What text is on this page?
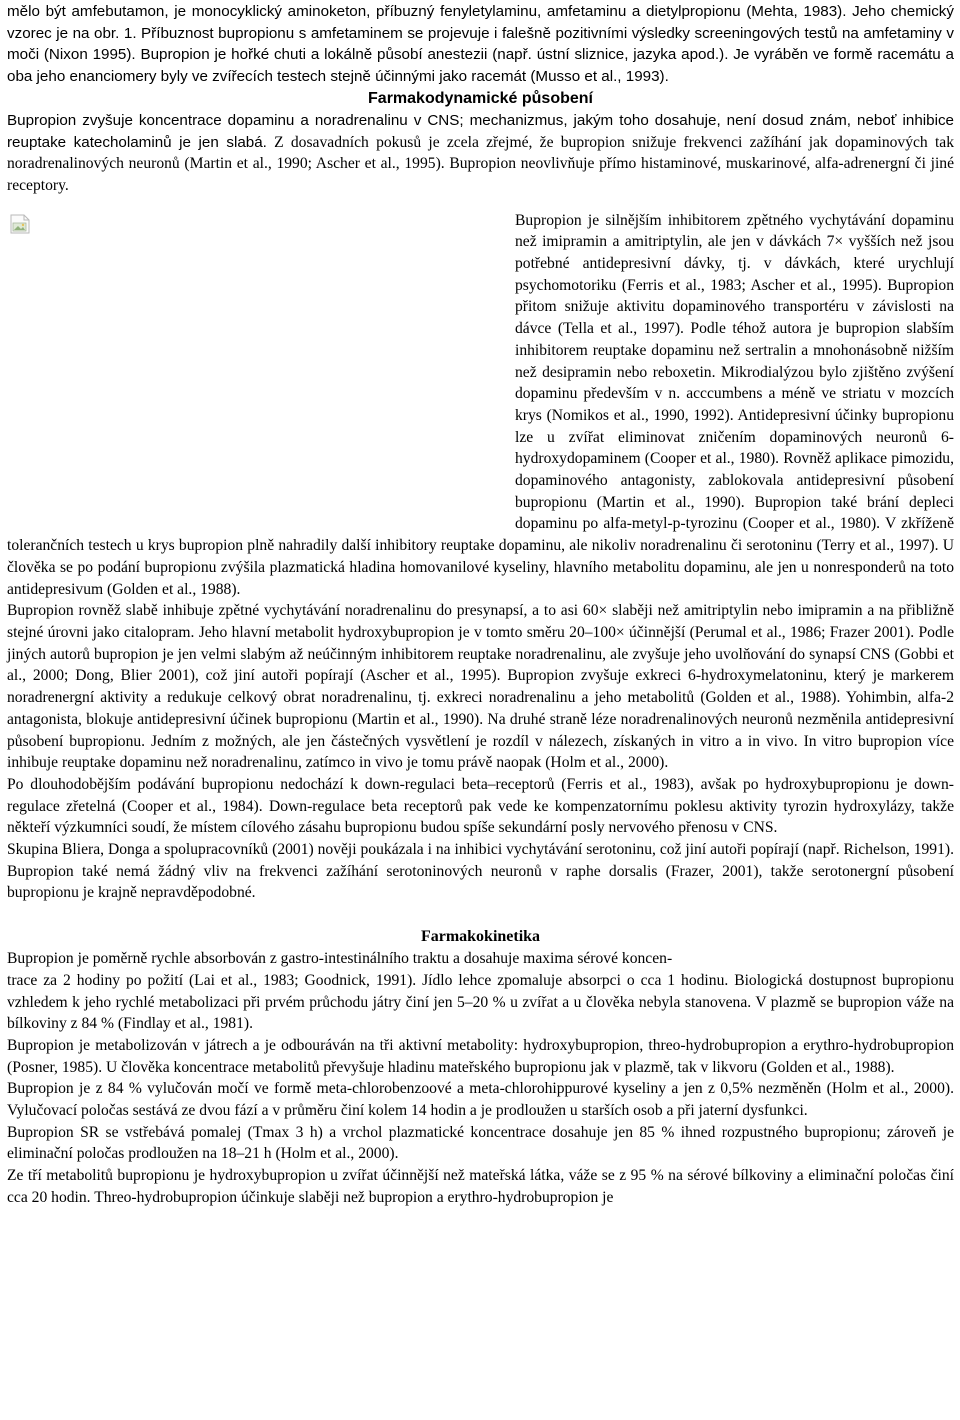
mělo být amfebutamon, je monocyklický aminoketon, příbuzný fenyletylaminu, amfetaminu a dietylpropionu (Mehta, 1983). Jeho chemický vzorec je na obr. 1. Příbuznost bupropionu s amfetaminem se projevuje i falešně pozitivními výsledky screeningových testů na amfetaminy v moči (Nixon 1995). Bupropion je hořké chuti a lokálně působí anestezii (např. ústní sliznice, jazyka apod.). Je vyráběn ve formě racemátu a oba jeho enanciomery byly ve zvířecích testech stejně účinnými jako racemát (Musso et al., 1993).

Farmakodynamické působení

Bupropion zvyšuje koncentrace dopaminu a noradrenalinu v CNS; mechanizmus, jakým toho dosahuje, není dosud znám, neboť inhibice reuptake katecholaminů je jen slabá. Z dosavadních pokusů je zcela zřejmé, že bupropion snižuje frekvenci zažíhání jak dopaminových tak noradrenalinových neuronů (Martin et al., 1990; Ascher et al., 1995). Bupropion neovlivňuje přímo histaminové, muskarinové, alfa-adrenergní či jiné receptory.

Bupropion je silnějším inhibitorem zpětného vychytávání dopaminu než imipramin a amitriptylin, ale jen v dávkách 7× vyšších než jsou potřebné antidepresivní dávky, tj. v dávkách, které urychlují psychomotoriku (Ferris et al., 1983; Ascher et al., 1995). Bupropion přitom snižuje aktivitu dopaminového transportéru v závislosti na dávce (Tella et al., 1997). Podle téhož autora je bupropion slabším inhibitorem reuptake dopaminu než sertralin a mnohonásobně nižším než desipramin nebo reboxetin. Mikrodialýzou bylo zjištěno zvýšení dopaminu především v n. acccumbens a méně ve striatu v mozcích krys (Nomikos et al., 1990, 1992). Antidepresivní účinky bupropionu lze u zvířat eliminovat zničením dopaminových neuronů 6-hydroxydopaminem (Cooper et al., 1980). Rovněž aplikace pimozidu, dopaminového antagonisty, zablokovala antidepresivní působení bupropionu (Martin et al., 1990). Bupropion také brání depleci dopaminu po alfa-metyl-p-tyrozinu (Cooper et al., 1980). V zkříženě tolerančních testech u krys bupropion plně nahradily další inhibitory reuptake dopaminu, ale nikoliv noradrenalinu či serotoninu (Terry et al., 1997). U člověka se po podání bupropionu zvýšila plazmatická hladina homovanilové kyseliny, hlavního metabolitu dopaminu, ale jen u nonresponderů na toto antidepresivum (Golden et al., 1988).

Bupropion rovněž slabě inhibuje zpětné vychytávání noradrenalinu do presynapsí, a to asi 60× slaběji než amitriptylin nebo imipramin a na přibližně stejné úrovni jako citalopram. Jeho hlavní metabolit hydroxybupropion je v tomto směru 20–100× účinnější (Perumal et al., 1986; Frazer 2001). Podle jiných autorů bupropion je jen velmi slabým až neúčinným inhibitorem reuptake noradrenalinu, ale zvyšuje jeho uvolňování do synapsí CNS (Gobbi et al., 2000; Dong, Blier 2001), což jiní autoři popírají (Ascher et al., 1995). Bupropion zvyšuje exkreci 6-hydroxymelatoninu, který je markerem noradrenergní aktivity a redukuje celkový obrat noradrenalinu, tj. exkreci noradrenalinu a jeho metabolitů (Golden et al., 1988). Yohimbin, alfa-2 antagonista, blokuje antidepresivní účinek bupropionu (Martin et al., 1990). Na druhé straně léze noradrenalinových neuronů nezměnila antidepresivní působení bupropionu. Jedním z možných, ale jen částečných vysvětlení je rozdíl v nálezech, získaných in vitro a in vivo. In vitro bupropion více inhibuje reuptake dopaminu než noradrenalinu, zatímco in vivo je tomu právě naopak (Holm et al., 2000).

Po dlouhodobějším podávání bupropionu nedochází k down-regulaci beta–receptorů (Ferris et al., 1983), avšak po hydroxybupropionu je down-regulace zřetelná (Cooper et al., 1984). Down-regulace beta receptorů pak vede ke kompenzatornímu poklesu aktivity tyrozin hydroxylázy, takže někteří výzkumníci soudí, že místem cílového zásahu bupropionu budou spíše sekundární posly nervového přenosu v CNS.

Skupina Bliera, Donga a spolupracovníků (2001) nověji poukázala i na inhibici vychytávání serotoninu, což jiní autoři popírají (např. Richelson, 1991). Bupropion také nemá žádný vliv na frekvenci zažíhání serotoninových neuronů v raphe dorsalis (Frazer, 2001), takže serotonergní působení bupropionu je krajně nepravděpodobné.

Farmakokinetika

Bupropion je poměrně rychle absorbován z gastro-intestinálního traktu a dosahuje maxima sérové koncen-
trace za 2 hodiny po požití (Lai et al., 1983; Goodnick, 1991). Jídlo lehce zpomaluje absorpci o cca 1 hodinu. Biologická dostupnost bupropionu vzhledem k jeho rychlé metabolizaci při prvém průchodu játry činí jen 5–20 % u zvířat a u člověka nebyla stanovena. V plazmě se bupropion váže na bílkoviny z 84 % (Findlay et al., 1981).

Bupropion je metabolizován v játrech a je odbouráván na tři aktivní metabolity: hydroxybupropion, threo-hydrobupropion a erythro-hydrobupropion (Posner, 1985). U člověka koncentrace metabolitů převyšuje hladinu mateřského bupropionu jak v plazmě, tak v likvoru (Golden et al., 1988).

Bupropion je z 84 % vylučován močí ve formě meta-chlorobenzoové a meta-chlorohippurové kyseliny a jen z 0,5% nezměněn (Holm et al., 2000). Vylučovací poločas sestává ze dvou fází a v průměru činí kolem 14 hodin a je prodloužen u starších osob a při jaterní dysfunkci.

Bupropion SR se vstřebává pomalej (Tmax 3 h) a vrchol plazmatické koncentrace dosahuje jen 85 % ihned rozpustného bupropionu; zároveň je eliminační poločas prodloužen na 18–21 h (Holm et al., 2000).

Ze tří metabolitů bupropionu je hydroxybupropion u zvířat účinnější než mateřská látka, váže se z 95 % na sérové bílkoviny a eliminační poločas činí cca 20 hodin. Threo-hydrobupropion účinkuje slaběji než bupropion a erythro-hydrobupropion je
